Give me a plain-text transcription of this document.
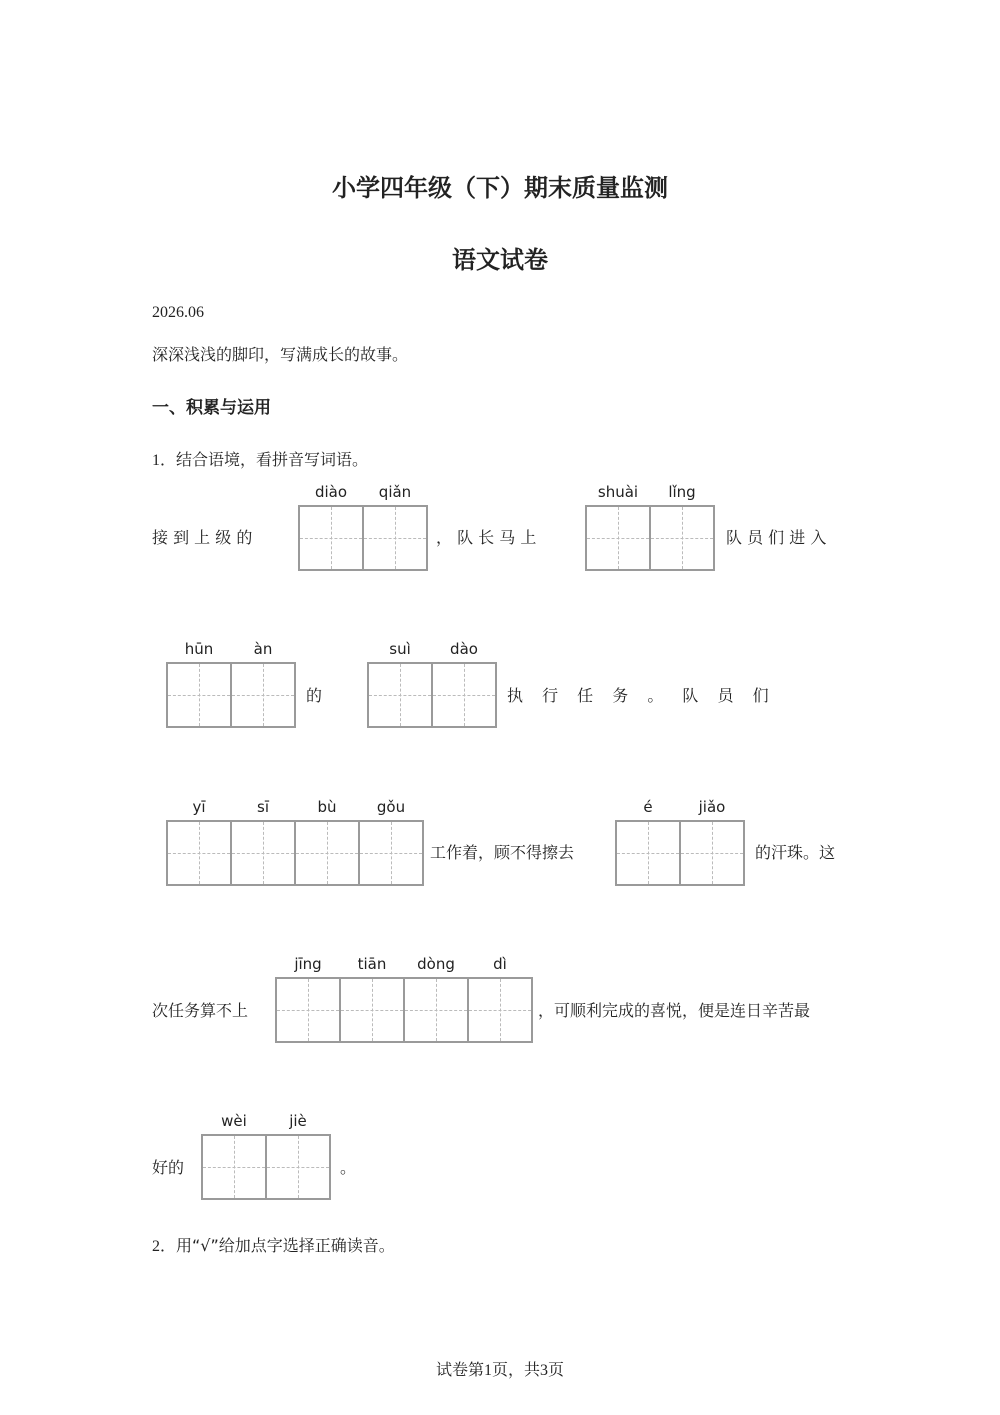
小学四年级（下）期末质量监测
语文试卷
2026.06
深深浅浅的脚印，写满成长的故事。
一、积累与运用
1．结合语境，看拼音写词语。
接 到 上 级 的
diào	qiǎn
， 队 长 马 上
shuài	lǐng
队 员 们 进 入
hūn	àn
的
suì	dào
执 行 任 务 。 队 员 们
yī	sī	bù	gǒu
工作着，顾不得擦去
é	jiǎo
的汗珠。这
次任务算不上
jīng	tiān	dòng	dì
，可顺利完成的喜悦，便是连日辛苦最
好的
wèi	jiè
。
2．用“√”给加点字选择正确读音。
试卷第1页，共3页
